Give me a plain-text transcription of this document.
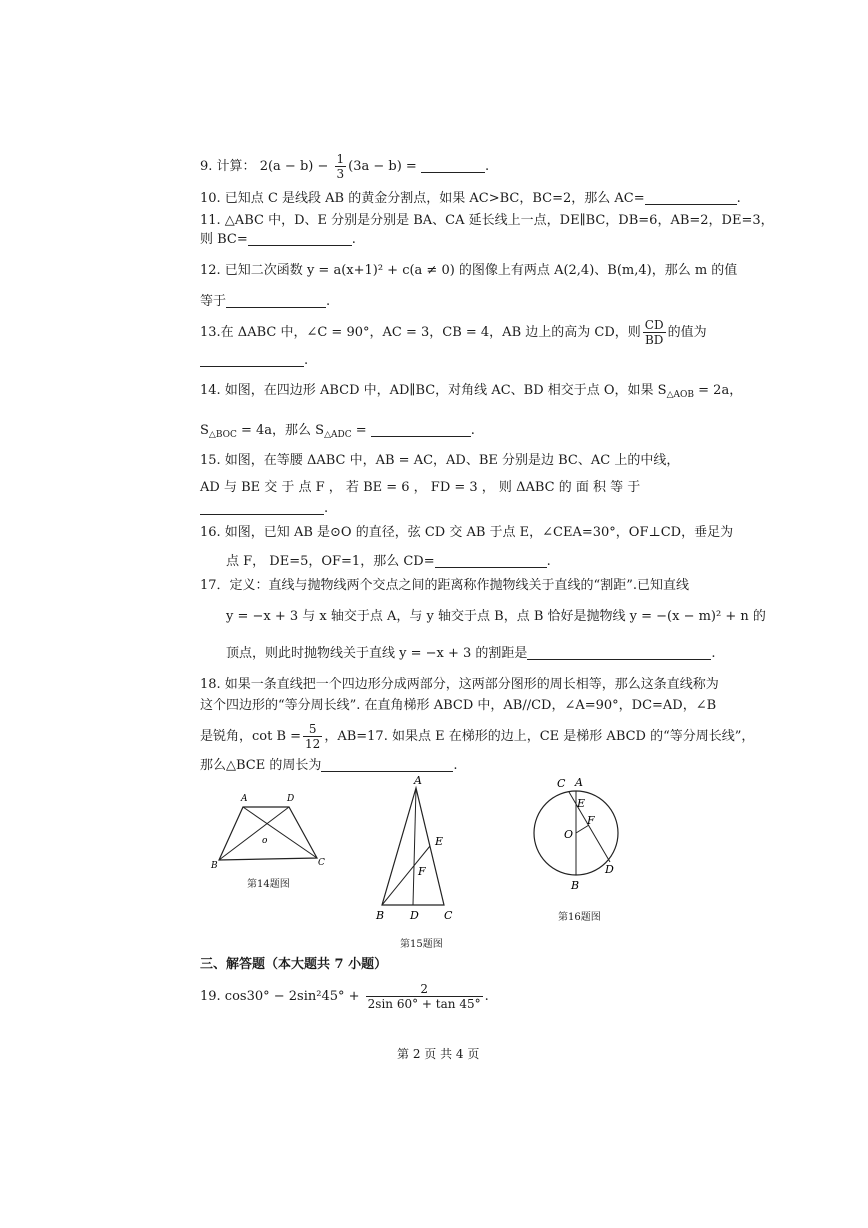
9. 计算： $2(a - b) - \frac{1}{3} (3a - b)$ =	.
10. 已知点 C 是线段 AB 的黄金分割点，如果 AC>BC，BC=2，那么 AC=	.
11. △ABC 中，D、E 分别是分别是 BA、CA 延长线上一点，DE∥BC，DB=6，AB=2，DE=3，
则 BC=	.
12. 已知二次函数 y = a(x+1)² + c(a ≠ 0) 的图像上有两点 A(2,4)、B(m,4)，那么 m 的值
等于	.
13.在 ΔABC 中，∠C = 90°，AC = 3，CB = 4，AB 边上的高为 CD，则 $\frac{CD}{BD}$ 的值为
.
14. 如图，在四边形 ABCD 中，AD∥BC，对角线 AC、BD 相交于点 O，如果 $S_{\triangle AOB} = 2a$，
$S_{\triangle BOC} = 4a$，那么 $S_{\triangle ADC}$ =	.
15. 如图，在等腰 ΔABC 中，AB = AC，AD、BE 分别是边 BC、AC 上的中线，
AD 与 BE 交 于 点 F ， 若 BE = 6 ， FD = 3 ， 则 ΔABC 的 面 积 等 于
.
16. 如图，已知 AB 是⊙O 的直径，弦 CD 交 AB 于点 E，∠CEA=30°，OF⊥CD，垂足为
点 F， DE=5，OF=1，那么 CD=	.
17．定义：直线与抛物线两个交点之间的距离称作抛物线关于直线的“割距”.已知直线
y = −x + 3 与 x 轴交于点 A，与 y 轴交于点 B，点 B 恰好是抛物线 y = −(x − m)² + n 的
顶点，则此时抛物线关于直线 y = −x + 3 的割距是	.
18. 如果一条直线把一个四边形分成两部分，这两部分图形的周长相等，那么这条直线称为
这个四边形的“等分周长线”. 在直角梯形 ABCD 中，AB//CD，∠A=90°，DC=AD，∠B
是锐角，$\cot B = \frac{5}{12}$ ，AB=17. 如果点 E 在梯形的边上，CE 是梯形 ABCD 的“等分周长线”，
那么△BCE 的周长为	.
A	D
o
B	C
第14题图
A
E
F
B D C
第15题图
C A
E
F
O
D
B
第16题图
三、解答题（本大题共 7 小题）
19. $\cos 30^\circ - 2\sin^245^\circ + \frac{2}{2\sin 60^\circ + \tan 45^\circ}$ .
第 2 页 共 4 页
